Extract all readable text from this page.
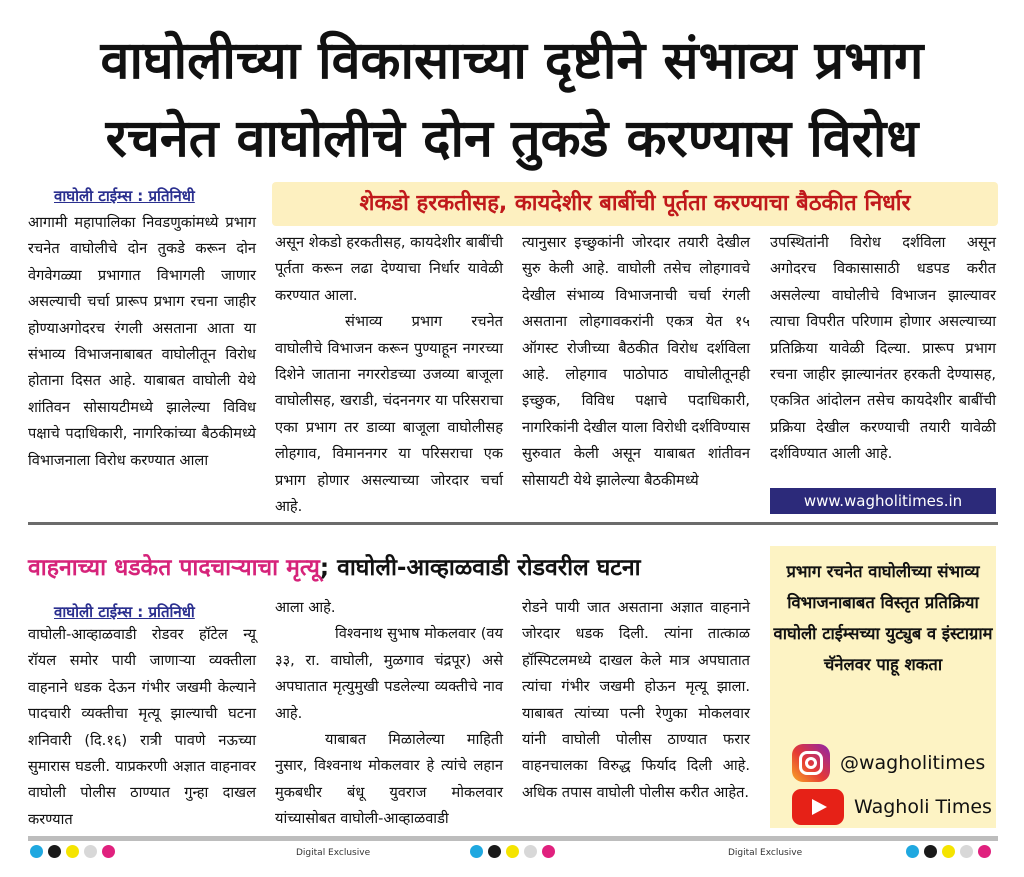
वाघोलीच्या विकासाच्या दृष्टीने संभाव्य प्रभाग
रचनेत वाघोलीचे दोन तुकडे करण्यास विरोध
वाघोली टाईम्स : प्रतिनिधी	शेकडो हरकतीसह, कायदेशीर बाबींची पूर्तता करण्याचा बैठकीत निर्धार

आगामी महापालिका निवडणुकांमध्ये प्रभाग रचनेत वाघोलीचे दोन तुकडे करून दोन वेगवेगळ्या प्रभागात विभागली जाणार असल्याची चर्चा प्रारूप प्रभाग रचना जाहीर होण्याअगोदरच रंगली असताना आता या संभाव्य विभाजनाबाबत वाघोलीतून विरोध होताना दिसत आहे. याबाबत वाघोली येथे शांतिवन सोसायटीमध्ये झालेल्या विविध पक्षाचे पदाधिकारी, नागरिकांच्या बैठकीमध्ये विभाजनाला विरोध करण्यात आला

असून शेकडो हरकतीसह, कायदेशीर बाबींची पूर्तता करून लढा देण्याचा निर्धार यावेळी करण्यात आला.

संभाव्य प्रभाग रचनेत वाघोलीचे विभाजन करून पुण्याहून नगरच्या दिशेने जाताना नगररोडच्या उजव्या बाजूला वाघोलीसह, खराडी, चंदननगर या परिसराचा एका प्रभाग तर डाव्या बाजूला वाघोलीसह लोहगाव, विमाननगर या परिसराचा एक प्रभाग होणार असल्याच्या जोरदार चर्चा आहे.

त्यानुसार इच्छुकांनी जोरदार तयारी देखील सुरु केली आहे. वाघोली तसेच लोहगावचे देखील संभाव्य विभाजनाची चर्चा रंगली असताना लोहगावकरांनी एकत्र येत १५ ऑगस्ट रोजीच्या बैठकीत विरोध दर्शविला आहे. लोहगाव पाठोपाठ वाघोलीतूनही इच्छुक, विविध पक्षाचे पदाधिकारी, नागरिकांनी देखील याला विरोधी दर्शविण्यास सुरुवात केली असून याबाबत शांतीवन सोसायटी येथे झालेल्या बैठकीमध्ये

उपस्थितांनी विरोध दर्शविला असून अगोदरच विकासासाठी धडपड करीत असलेल्या वाघोलीचे विभाजन झाल्यावर त्याचा विपरीत परिणाम होणार असल्याच्या प्रतिक्रिया यावेळी दिल्या. प्रारूप प्रभाग रचना जाहीर झाल्यानंतर हरकती देण्यासह, एकत्रित आंदोलन तसेच कायदेशीर बाबींची प्रक्रिया देखील करण्याची तयारी यावेळी दर्शविण्यात आली आहे.

www.wagholitimes.in
वाहनाच्या धडकेत पादचाऱ्याचा मृत्यू; वाघोली-आव्हाळवाडी रोडवरील घटना
वाघोली टाईम्स : प्रतिनिधी

वाघोली-आव्हाळवाडी रोडवर हॉटेल न्यू रॉयल समोर पायी जाणाऱ्या व्यक्तीला वाहनाने धडक देऊन गंभीर जखमी केल्याने पादचारी व्यक्तीचा मृत्यू झाल्याची घटना शनिवारी (दि.१६) रात्री पावणे नऊच्या सुमारास घडली. याप्रकरणी अज्ञात वाहनावर वाघोली पोलीस ठाण्यात गुन्हा दाखल करण्यात

आला आहे.

विश्वनाथ सुभाष मोकलवार (वय ३३, रा. वाघोली, मुळगाव चंद्रपूर) असे अपघातात मृत्युमुखी पडलेल्या व्यक्तीचे नाव आहे.

याबाबत मिळालेल्या माहिती नुसार, विश्वनाथ मोकलवार हे त्यांचे लहान मुकबधीर बंधू युवराज मोकलवार यांच्यासोबत वाघोली-आव्हाळवाडी

रोडने पायी जात असताना अज्ञात वाहनाने जोरदार धडक दिली. त्यांना तात्काळ हॉस्पिटलमध्ये दाखल केले मात्र अपघातात त्यांचा गंभीर जखमी होऊन मृत्यू झाला. याबाबत त्यांच्या पत्नी रेणुका मोकलवार यांनी वाघोली पोलीस ठाण्यात फरार वाहनचालका विरुद्ध फिर्याद दिली आहे. अधिक तपास वाघोली पोलीस करीत आहेत.

प्रभाग रचनेत वाघोलीच्या संभाव्य विभाजनाबाबत विस्तृत प्रतिक्रिया वाघोली टाईम्सच्या युट्युब व इंस्टाग्राम चॅनेलवर पाहू शकता
@wagholitimes
Wagholi Times
Digital Exclusive	Digital Exclusive
